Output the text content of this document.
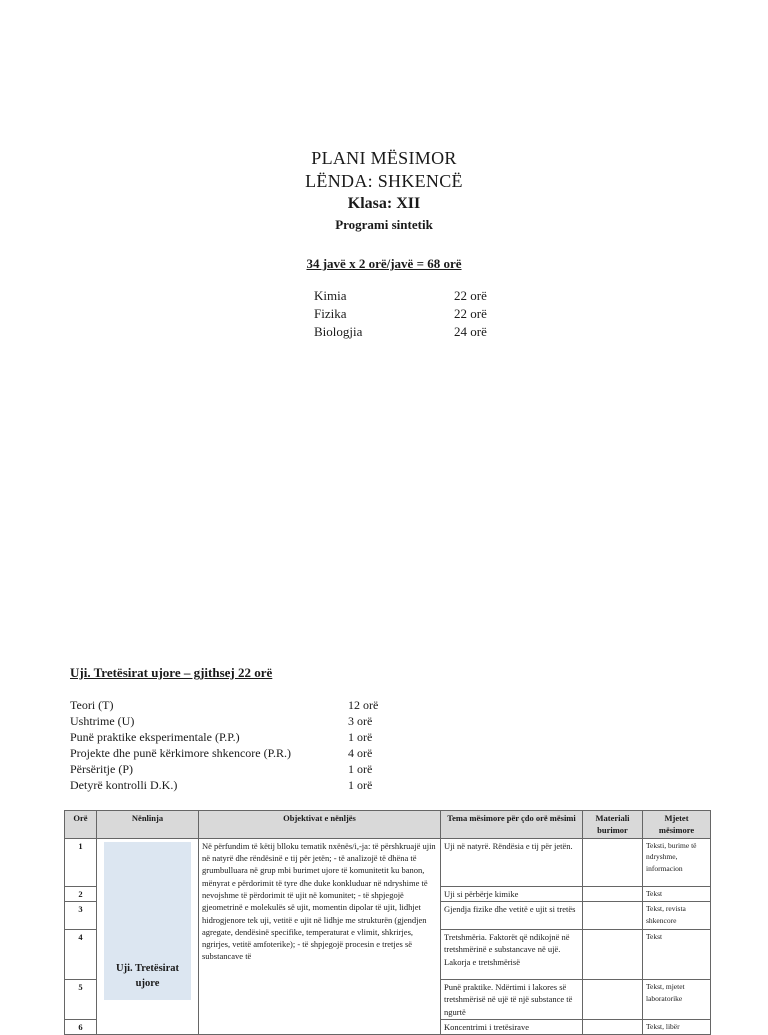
PLANI MËSIMOR
LËNDA: SHKENCË
Klasa: XII
Programi sintetik
34 javë x 2 orë/javë = 68 orë
Kimia	22 orë
Fizika	22 orë
Biologjia	24 orë
Uji. Tretësirat ujore – gjithsej 22 orë
Teori (T)	12 orë
Ushtrime (U)	3 orë
Punë praktike eksperimentale (P.P.)	1 orë
Projekte dhe punë kërkimore shkencore (P.R.)	4 orë
Përsëritje (P)	1 orë
Detyrë kontrolli D.K.)	1 orë
Orë	Nënlinja	Objektivat e nënljës	Tema mësimore për çdo orë mësimi	Materiali burimor	Mjetet mësimore
1	Uji. Tretësirat ujore	Në përfundim të këtij blloku tematik nxënës/i,-ja: të përshkruajë ujin në natyrë dhe rëndësinë e tij për jetën; - të analizojë të dhëna të grumbulluara në grup mbi burimet ujore të komunitetit ku banon, mënyrat e përdorimit të tyre dhe duke konkluduar në ndryshime të nevojshme të përdorimit të ujit në komunitet; - të shpjegojë gjeometrinë e molekulës së ujit, momentin dipolar të ujit, lidhjet hidrogjenore tek uji, vetitë e ujit në lidhje me strukturën (gjendjen agregate, dendësinë specifike, temperaturat e vlimit, shkrirjes, ngrirjes, vetitë amfoterike); - të shpjegojë procesin e tretjes së substancave të	Uji në natyrë. Rëndësia e tij për jetën.		Teksti, burime të ndryshme, informacion
2			Uji si përbërje kimike		Tekst
3			Gjendja fizike dhe vetitë e ujit si tretës		Tekst, revista shkencore
4			Tretshmëria. Faktorët që ndikojnë në tretshmërinë e substancave në ujë. Lakorja e tretshmërisë		Tekst
5			Punë praktike. Ndërtimi i lakores së tretshmërisë në ujë të një substance të ngurtë		Tekst, mjetet laboratorike
6			Koncentrimi i tretësirave		Tekst, libër
